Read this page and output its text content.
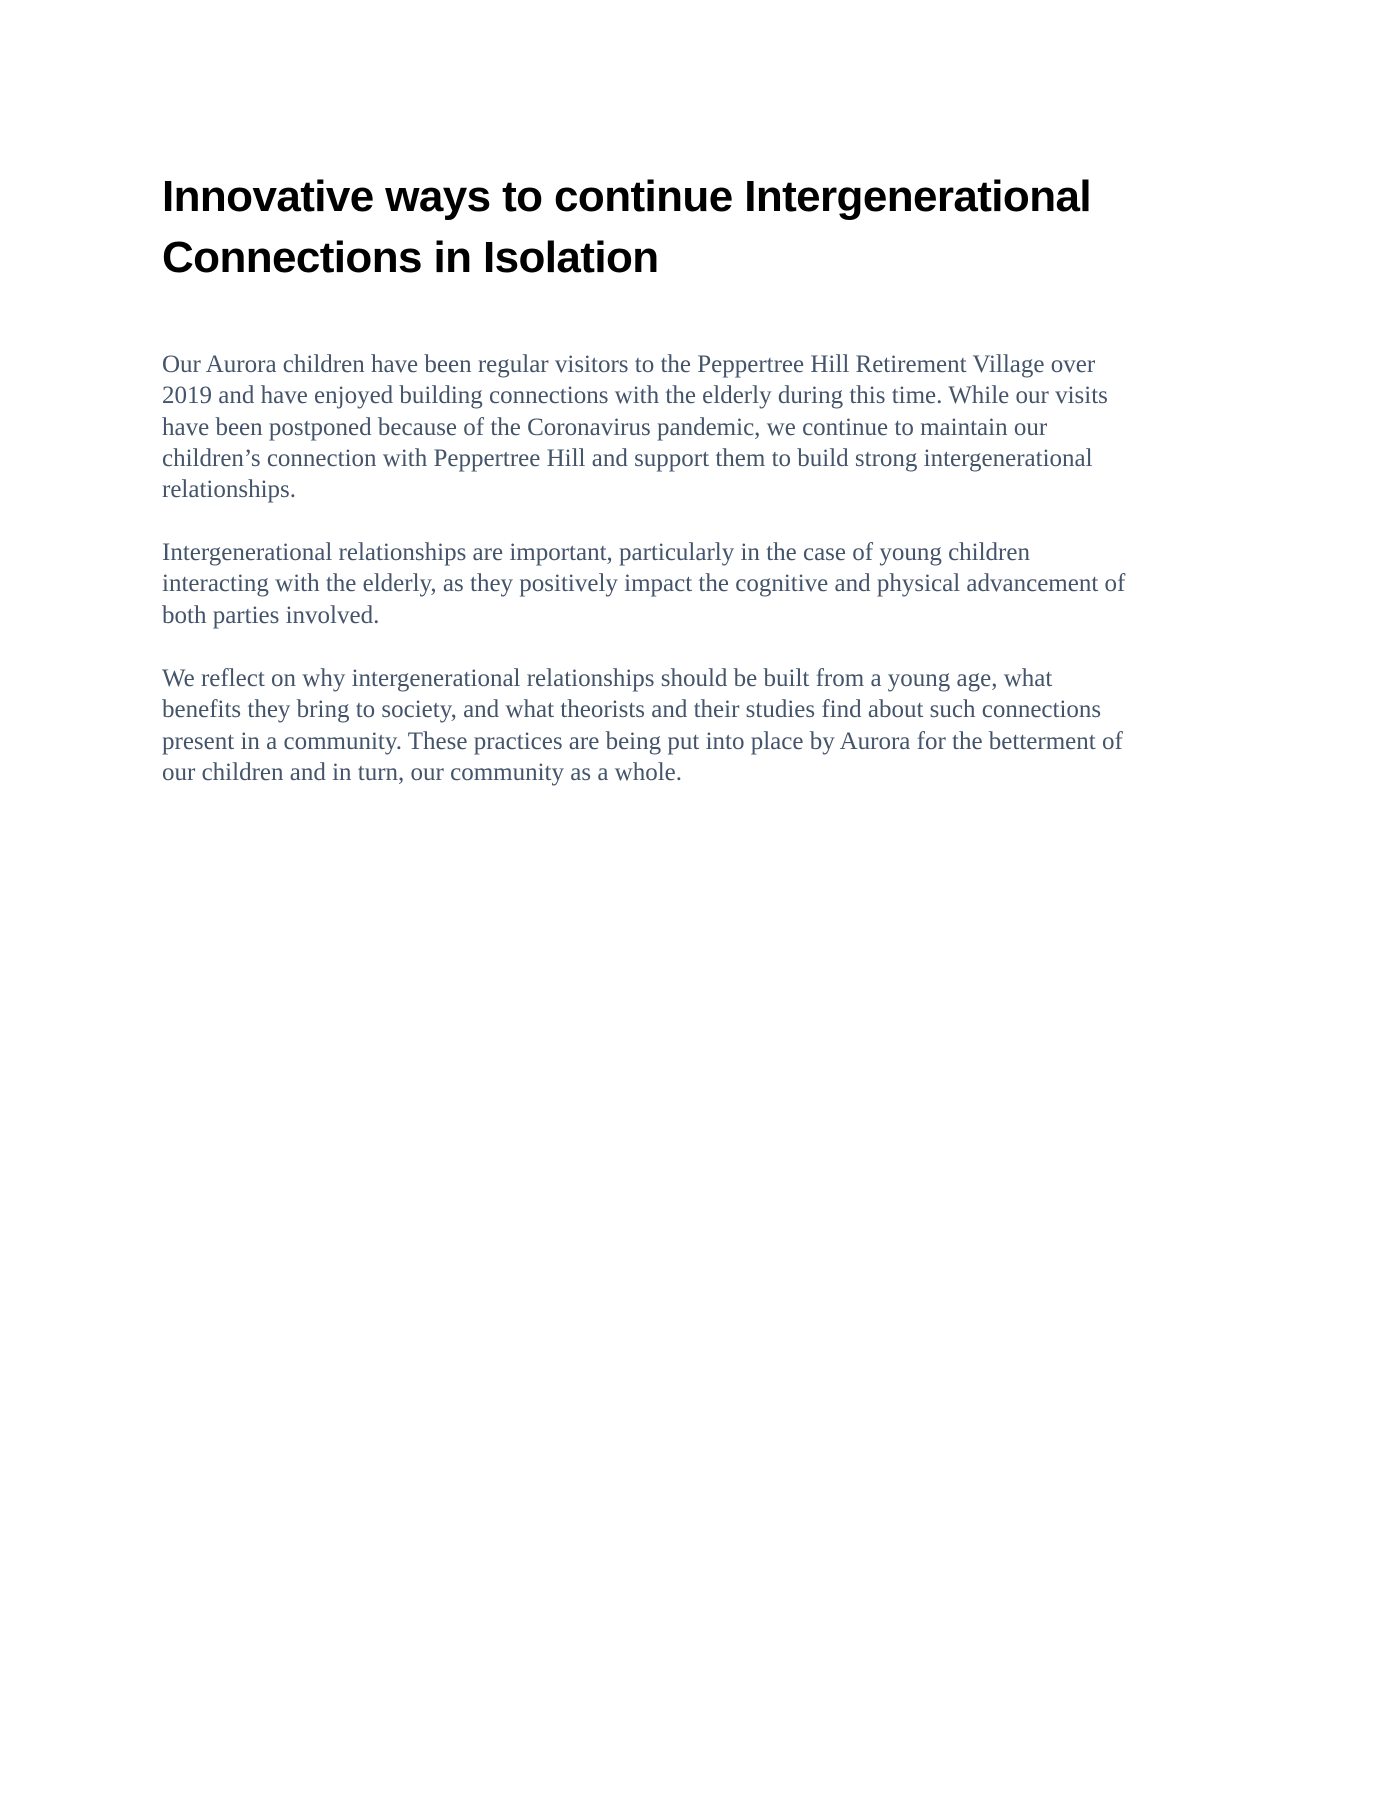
Innovative ways to continue Intergenerational
Connections in Isolation

Our Aurora children have been regular visitors to the Peppertree Hill Retirement Village over
2019 and have enjoyed building connections with the elderly during this time. While our visits
have been postponed because of the Coronavirus pandemic, we continue to maintain our
children’s connection with Peppertree Hill and support them to build strong intergenerational
relationships.

Intergenerational relationships are important, particularly in the case of young children
interacting with the elderly, as they positively impact the cognitive and physical advancement of
both parties involved.

We reflect on why intergenerational relationships should be built from a young age, what
benefits they bring to society, and what theorists and their studies find about such connections
present in a community. These practices are being put into place by Aurora for the betterment of
our children and in turn, our community as a whole.
